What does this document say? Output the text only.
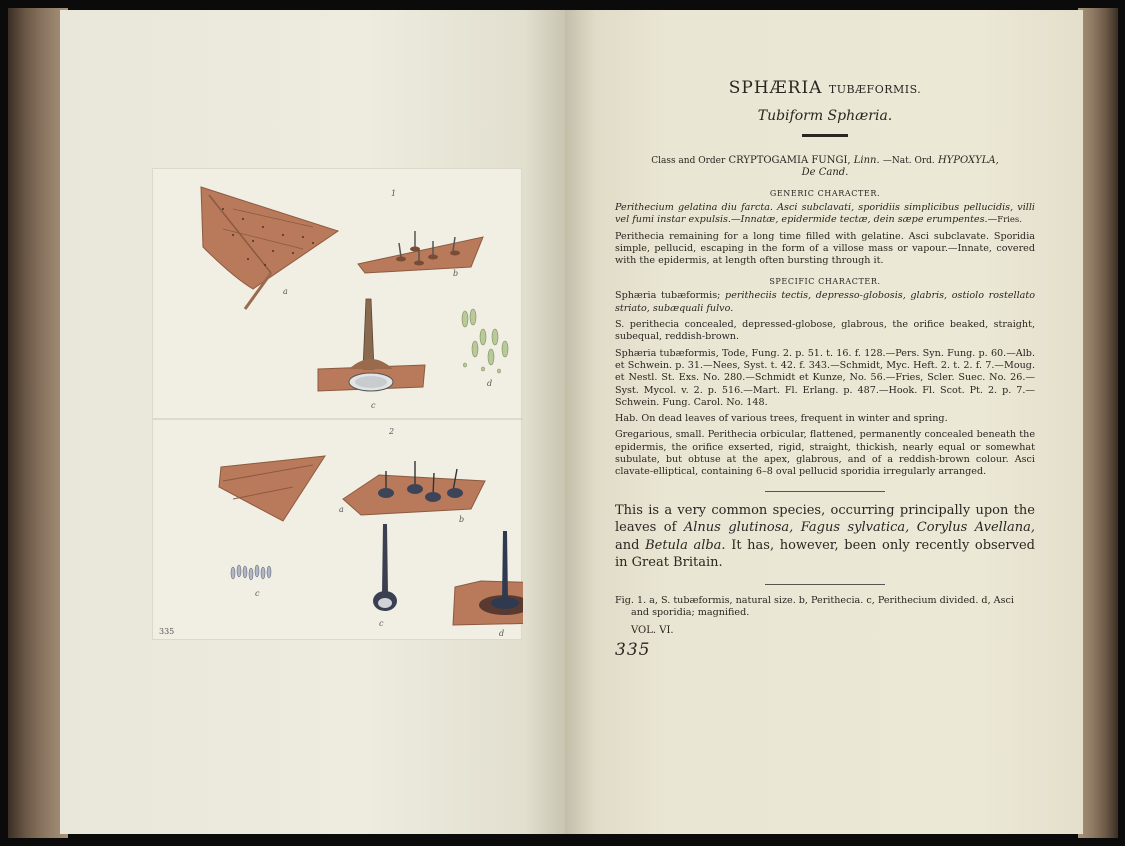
1
a
b
c
d
2
a
b
c
c
d
335
SPHÆRIA TUBÆFORMIS.
Tubiform Sphæria.
Class and Order CRYPTOGAMIA FUNGI, Linn. —Nat. Ord. HYPOXYLA,
De Cand.
GENERIC CHARACTER.
Perithecium gelatina diu farcta. Asci subclavati, sporidiis simplicibus pellucidis, villi vel fumi instar expulsis.—Innatæ, epidermide tectæ, dein sæpe erumpentes.—Fries.
Perithecia remaining for a long time filled with gelatine. Asci subclavate. Sporidia simple, pellucid, escaping in the form of a villose mass or vapour.—Innate, covered with the epidermis, at length often bursting through it.
SPECIFIC CHARACTER.
Sphæria tubæformis; peritheciis tectis, depresso-globosis, glabris, ostiolo rostellato striato, subæquali fulvo.
S. perithecia concealed, depressed-globose, glabrous, the orifice beaked, straight, subequal, reddish-brown.
Sphæria tubæformis, Tode, Fung. 2. p. 51. t. 16. f. 128.—Pers. Syn. Fung. p. 60.—Alb. et Schwein. p. 31.—Nees, Syst. t. 42. f. 343.—Schmidt, Myc. Heft. 2. t. 2. f. 7.—Moug. et Nestl. St. Exs. No. 280.—Schmidt et Kunze, No. 56.—Fries, Scler. Suec. No. 26.—Syst. Mycol. v. 2. p. 516.—Mart. Fl. Erlang. p. 487.—Hook. Fl. Scot. Pt. 2. p. 7.—Schwein. Fung. Carol. No. 148.
Hab. On dead leaves of various trees, frequent in winter and spring.
Gregarious, small. Perithecia orbicular, flattened, permanently concealed beneath the epidermis, the orifice exserted, rigid, straight, thickish, nearly equal or somewhat subulate, but obtuse at the apex, glabrous, and of a reddish-brown colour. Asci clavate-elliptical, containing 6–8 oval pellucid sporidia irregularly arranged.
This is a very common species, occurring principally upon the leaves of Alnus glutinosa, Fagus sylvatica, Corylus Avellana, and Betula alba. It has, however, been only recently observed in Great Britain.
Fig. 1. a, S. tubæformis, natural size. b, Perithecia. c, Perithecium divided. d, Asci and sporidia; magnified.
VOL. VI.
335
